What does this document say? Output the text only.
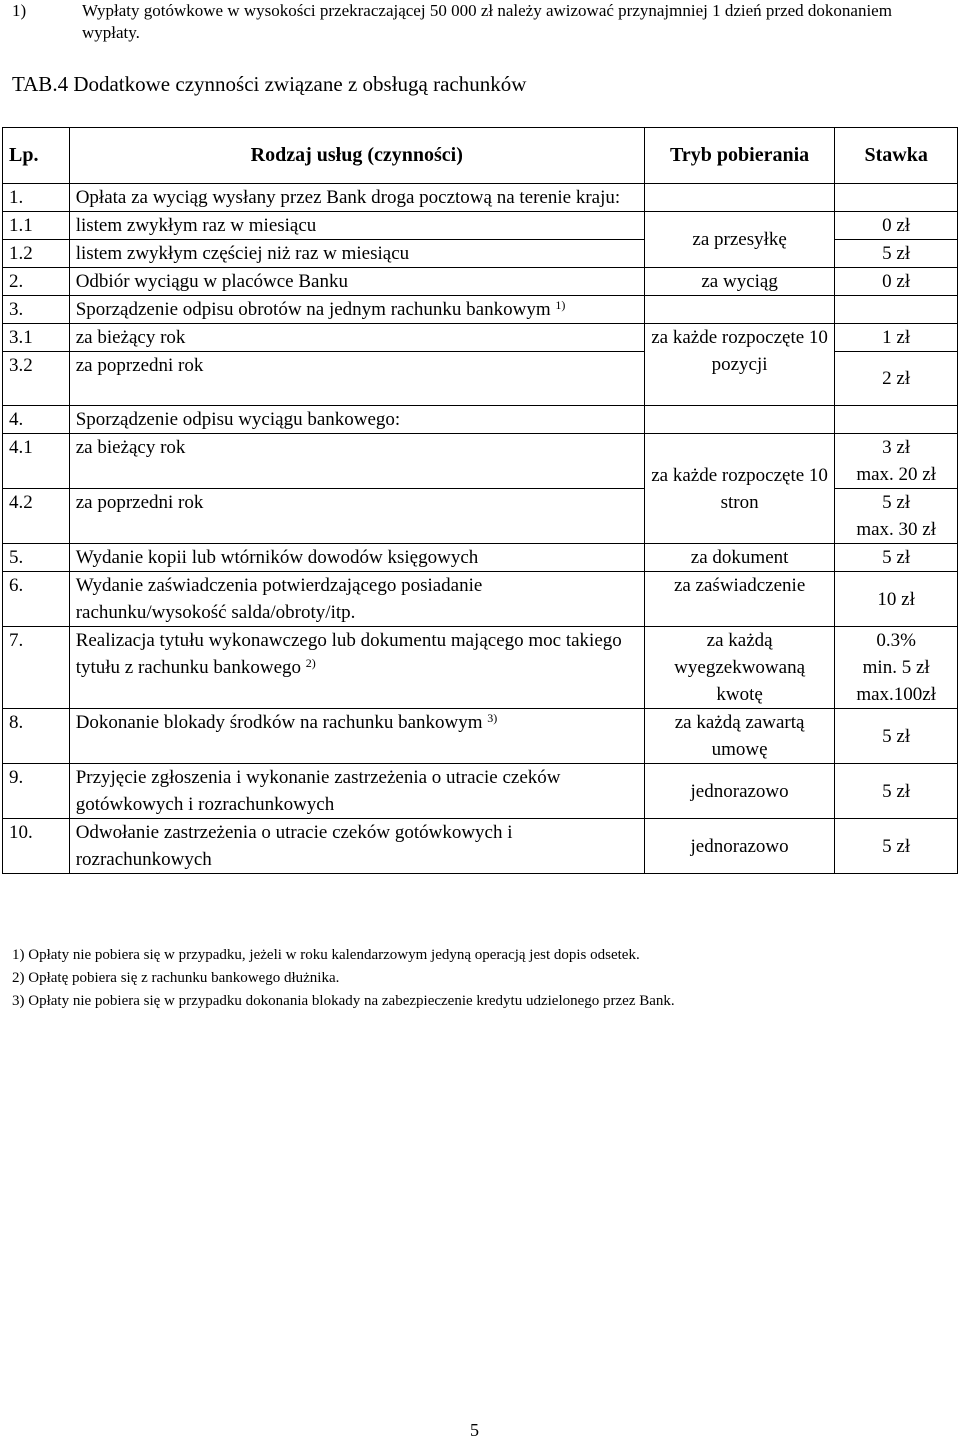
1)	Wypłaty gotówkowe w wysokości przekraczającej 50 000 zł należy awizować przynajmniej 1 dzień przed dokonaniem wypłaty.
TAB.4 Dodatkowe czynności związane z obsługą rachunków
Lp.	Rodzaj usług (czynności)	Tryb pobierania	Stawka
1.	Opłata za wyciąg wysłany przez Bank droga pocztową na terenie kraju:		
1.1	listem zwykłym raz w miesiącu	za przesyłkę	0 zł
1.2	listem zwykłym częściej niż raz w miesiącu		5 zł
2.	Odbiór wyciągu w placówce Banku	za wyciąg	0 zł
3.	Sporządzenie odpisu obrotów na jednym rachunku bankowym $^{1)}$		
3.1	za bieżący rok	za każde rozpoczęte 10 pozycji	1 zł
3.2	za poprzedni rok		2 zł
4.	Sporządzenie odpisu wyciągu bankowego:		
4.1	za bieżący rok	za każde rozpoczęte 10 stron	3 zł
max. 20 zł

4.2	za poprzedni rok		5 zł
max. 30 zł

5.	Wydanie kopii lub wtórników dowodów księgowych	za dokument	5 zł
6.	Wydanie zaświadczenia potwierdzającego posiadanie rachunku/wysokość salda/obroty/itp.	za zaświadczenie	10 zł
7.	Realizacja tytułu wykonawczego lub dokumentu mającego moc takiego tytułu z rachunku bankowego $^{2)}$	za każdą wyegzekwowaną kwotę	0.3%
min. 5 zł
max.100zł

8.	Dokonanie blokady środków na rachunku bankowym $^{3)}$	za każdą zawartą umowę	5 zł
9.	Przyjęcie zgłoszenia i wykonanie zastrzeżenia o utracie czeków gotówkowych i rozrachunkowych	jednorazowo	5 zł
10.	Odwołanie zastrzeżenia o utracie czeków gotówkowych i rozrachunkowych	jednorazowo	5 zł
1) Opłaty nie pobiera się w przypadku, jeżeli w roku kalendarzowym jedyną operacją jest dopis odsetek.
2) Opłatę pobiera się z rachunku bankowego dłużnika.
3) Opłaty nie pobiera się w przypadku dokonania blokady na zabezpieczenie kredytu udzielonego przez Bank.
5
